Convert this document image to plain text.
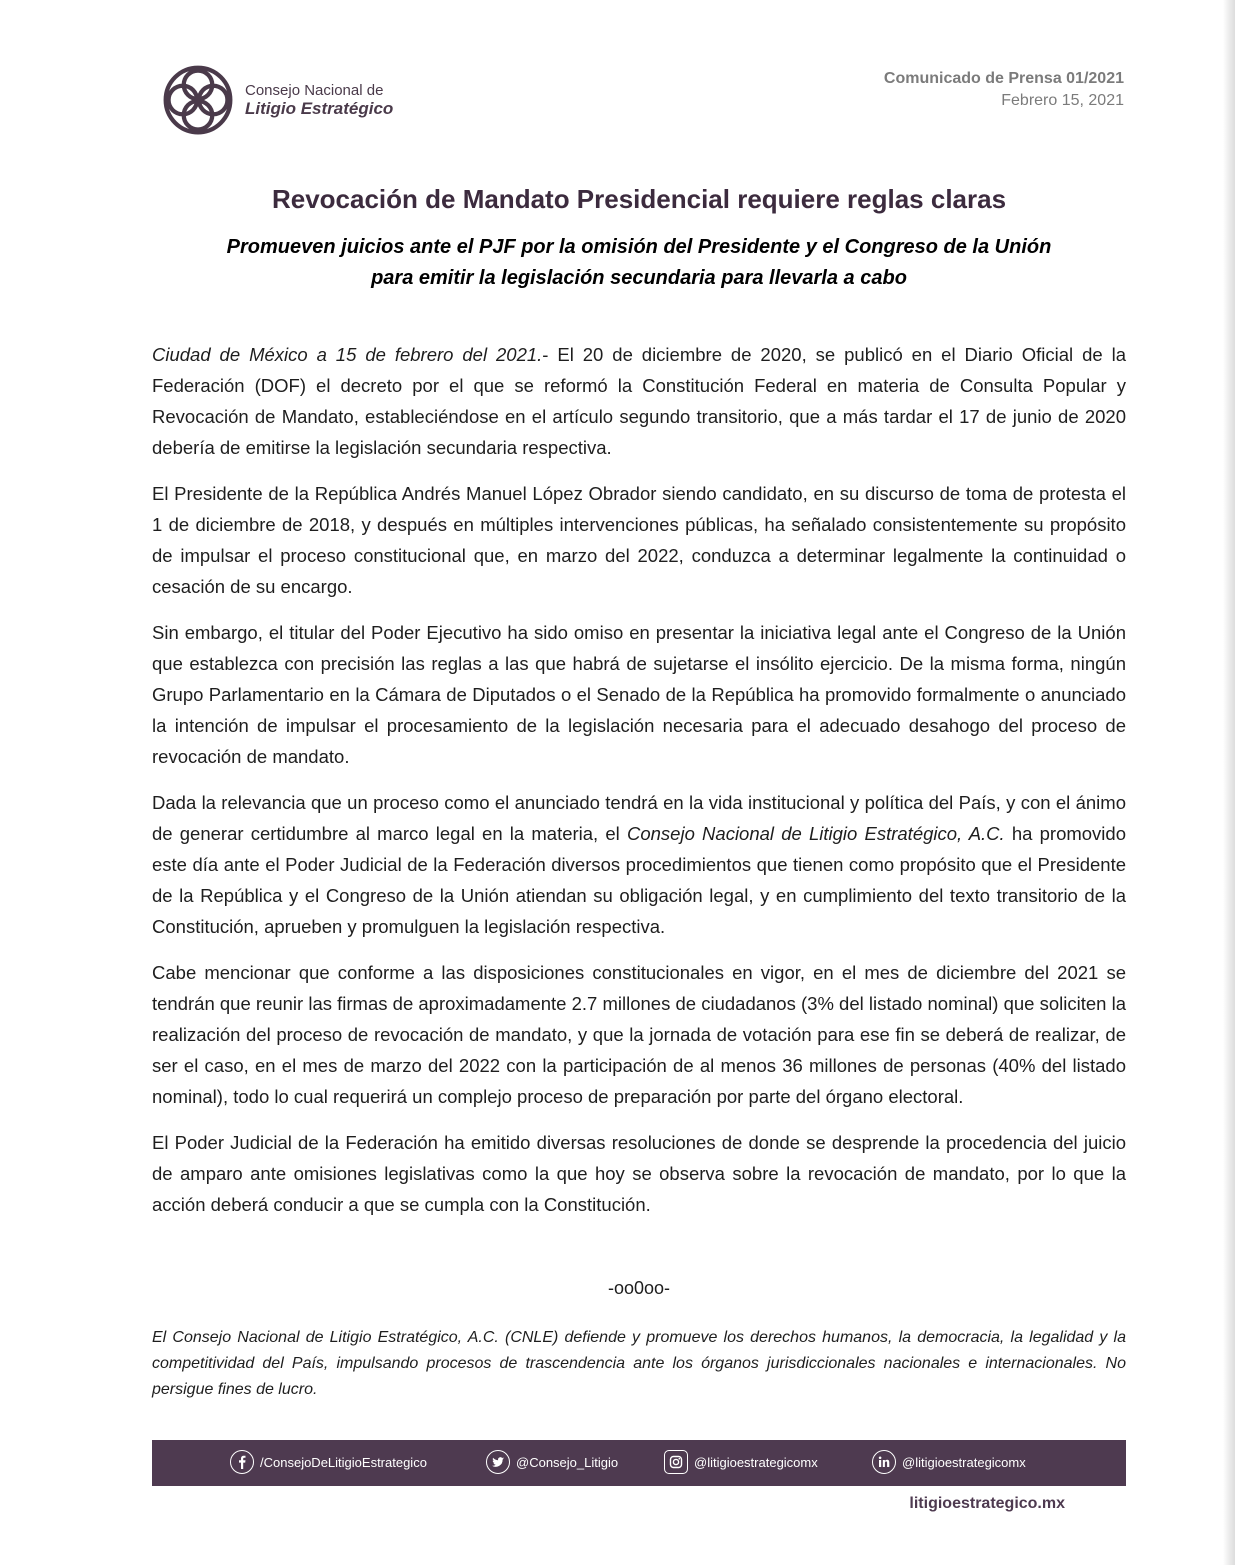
Consejo Nacional de
Litigio Estratégico
Comunicado de Prensa 01/2021
Febrero 15, 2021
Revocación de Mandato Presidencial requiere reglas claras
Promueven juicios ante el PJF por la omisión del Presidente y el Congreso de la Unión
para emitir la legislación secundaria para llevarla a cabo

Ciudad de México a 15 de febrero del 2021.- El 20 de diciembre de 2020, se publicó en el Diario Oficial de la Federación (DOF) el decreto por el que se reformó la Constitución Federal en materia de Consulta Popular y Revocación de Mandato, estableciéndose en el artículo segundo transitorio, que a más tardar el 17 de junio de 2020 debería de emitirse la legislación secundaria respectiva.

El Presidente de la República Andrés Manuel López Obrador siendo candidato, en su discurso de toma de protesta el 1 de diciembre de 2018, y después en múltiples intervenciones públicas, ha señalado consistentemente su propósito de impulsar el proceso constitucional que, en marzo del 2022, conduzca a determinar legalmente la continuidad o cesación de su encargo.

Sin embargo, el titular del Poder Ejecutivo ha sido omiso en presentar la iniciativa legal ante el Congreso de la Unión que establezca con precisión las reglas a las que habrá de sujetarse el insólito ejercicio. De la misma forma, ningún Grupo Parlamentario en la Cámara de Diputados o el Senado de la República ha promovido formalmente o anunciado la intención de impulsar el procesamiento de la legislación necesaria para el adecuado desahogo del proceso de revocación de mandato.

Dada la relevancia que un proceso como el anunciado tendrá en la vida institucional y política del País, y con el ánimo de generar certidumbre al marco legal en la materia, el Consejo Nacional de Litigio Estratégico, A.C. ha promovido este día ante el Poder Judicial de la Federación diversos procedimientos que tienen como propósito que el Presidente de la República y el Congreso de la Unión atiendan su obligación legal, y en cumplimiento del texto transitorio de la Constitución, aprueben y promulguen la legislación respectiva.

Cabe mencionar que conforme a las disposiciones constitucionales en vigor, en el mes de diciembre del 2021 se tendrán que reunir las firmas de aproximadamente 2.7 millones de ciudadanos (3% del listado nominal) que soliciten la realización del proceso de revocación de mandato, y que la jornada de votación para ese fin se deberá de realizar, de ser el caso, en el mes de marzo del 2022 con la participación de al menos 36 millones de personas (40% del listado nominal), todo lo cual requerirá un complejo proceso de preparación por parte del órgano electoral.

El Poder Judicial de la Federación ha emitido diversas resoluciones de donde se desprende la procedencia del juicio de amparo ante omisiones legislativas como la que hoy se observa sobre la revocación de mandato, por lo que la acción deberá conducir a que se cumpla con la Constitución.

-oo0oo-

El Consejo Nacional de Litigio Estratégico, A.C. (CNLE) defiende y promueve los derechos humanos, la democracia, la legalidad y la competitividad del País, impulsando procesos de trascendencia ante los órganos jurisdiccionales nacionales e internacionales. No persigue fines de lucro.

/ConsejoDeLitigioEstrategico	@Consejo_Litigio	@litigioestrategicomx	@litigioestrategicomx
litigioestrategico.mx
